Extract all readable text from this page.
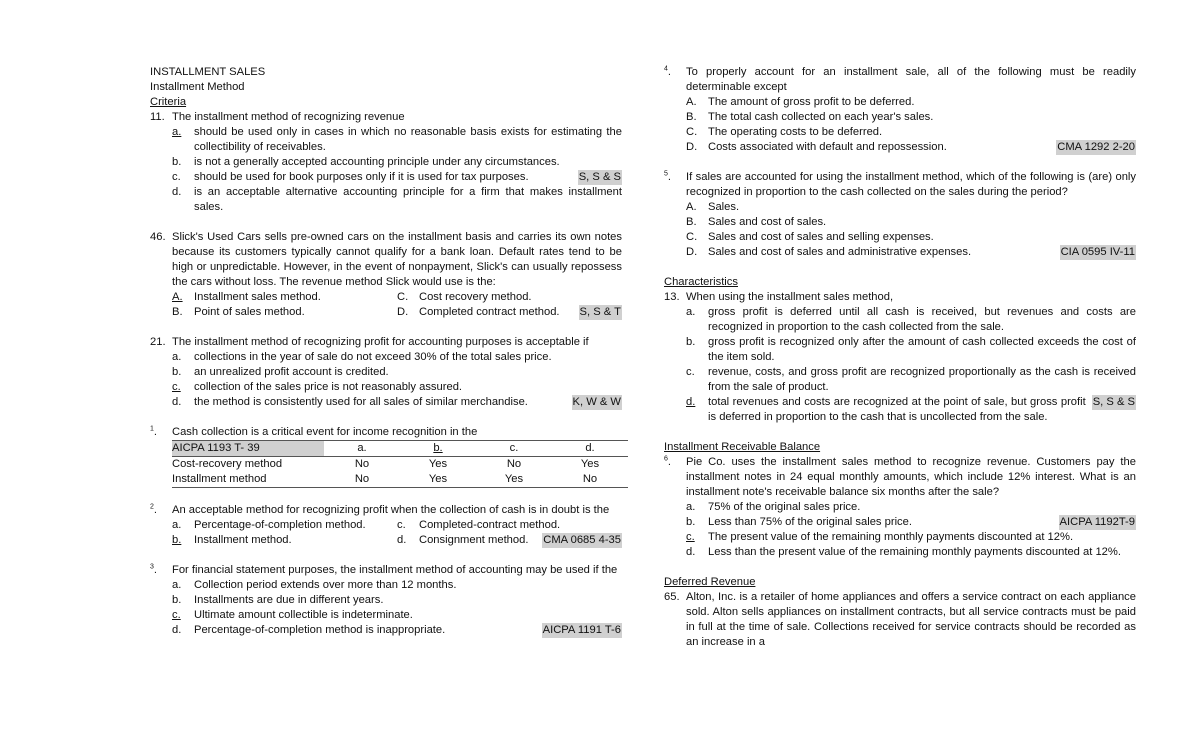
INSTALLMENT SALES
Installment Method
Criteria
11. The installment method of recognizing revenue
a.	should be used only in cases in which no reasonable basis exists for estimating the collectibility of receivables.
b.	is not a generally accepted accounting principle under any circumstances.
c.	should be used for book purposes only if it is used for tax purposes.	S, S & S
d.	is an acceptable alternative accounting principle for a firm that makes installment sales.
46. Slick's Used Cars sells pre-owned cars on the installment basis and carries its own notes because its customers typically cannot qualify for a bank loan. Default rates tend to be high or unpredictable. However, in the event of nonpayment, Slick's can usually repossess the cars without loss. The revenue method Slick would use is the:
A.	Installment sales method.	C. Cost recovery method.
B.	Point of sales method.	D. Completed contract method. S, S & T
21. The installment method of recognizing profit for accounting purposes is acceptable if
a.	collections in the year of sale do not exceed 30% of the total sales price.
b.	an unrealized profit account is credited.
c.	collection of the sales price is not reasonably assured.
d.	the method is consistently used for all sales of similar merchandise.	K, W & W
$^1$.	Cash collection is a critical event for income recognition in the
AICPA 1193 T- 39	a.	b.	c.	d.
Cost-recovery method	No	Yes	No	Yes
Installment method	No	Yes	Yes	No
$^2$.	An acceptable method for recognizing profit when the collection of cash is in doubt is the
a.	Percentage-of-completion method.	c.	Completed-contract method.
b.	Installment method.	d.	Consignment method. CMA 0685 4-35
$^3$.	For financial statement purposes, the installment method of accounting may be used if the
a.	Collection period extends over more than 12 months.
b.	Installments are due in different years.
c.	Ultimate amount collectible is indeterminate.
d.	Percentage-of-completion method is inappropriate.	AICPA 1191 T-6
$^4$.	To properly account for an installment sale, all of the following must be readily determinable except
A.	The amount of gross profit to be deferred.
B.	The total cash collected on each year's sales.
C. The operating costs to be deferred.
D. Costs associated with default and repossession.	CMA 1292 2-20
$^5$.	If sales are accounted for using the installment method, which of the following is (are) only recognized in proportion to the cash collected on the sales during the period?
A.	Sales.
B.	Sales and cost of sales.
C. Sales and cost of sales and selling expenses.
D. Sales and cost of sales and administrative expenses.	CIA 0595 IV-11
Characteristics
13. When using the installment sales method,
a.	gross profit is deferred until all cash is received, but revenues and costs are recognized in proportion to the cash collected from the sale.
b.	gross profit is recognized only after the amount of cash collected exceeds the cost of the item sold.
c.	revenue, costs, and gross profit are recognized proportionally as the cash is received from the sale of product.
d.	S, S & S
total revenues and costs are recognized at the point of sale, but gross profit is deferred in proportion to the cash that is uncollected from the sale.
Installment Receivable Balance
$^6$.	Pie Co. uses the installment sales method to recognize revenue. Customers pay the installment notes in 24 equal monthly amounts, which include 12% interest. What is an installment note's receivable balance six months after the sale?
a.	75% of the original sales price.
b.	Less than 75% of the original sales price.	AICPA 1192T-9
c.	The present value of the remaining monthly payments discounted at 12%.
d.	Less than the present value of the remaining monthly payments discounted at 12%.
Deferred Revenue
65. Alton, Inc. is a retailer of home appliances and offers a service contract on each appliance sold. Alton sells appliances on installment contracts, but all service contracts must be paid in full at the time of sale. Collections received for service contracts should be recorded as an increase in a
